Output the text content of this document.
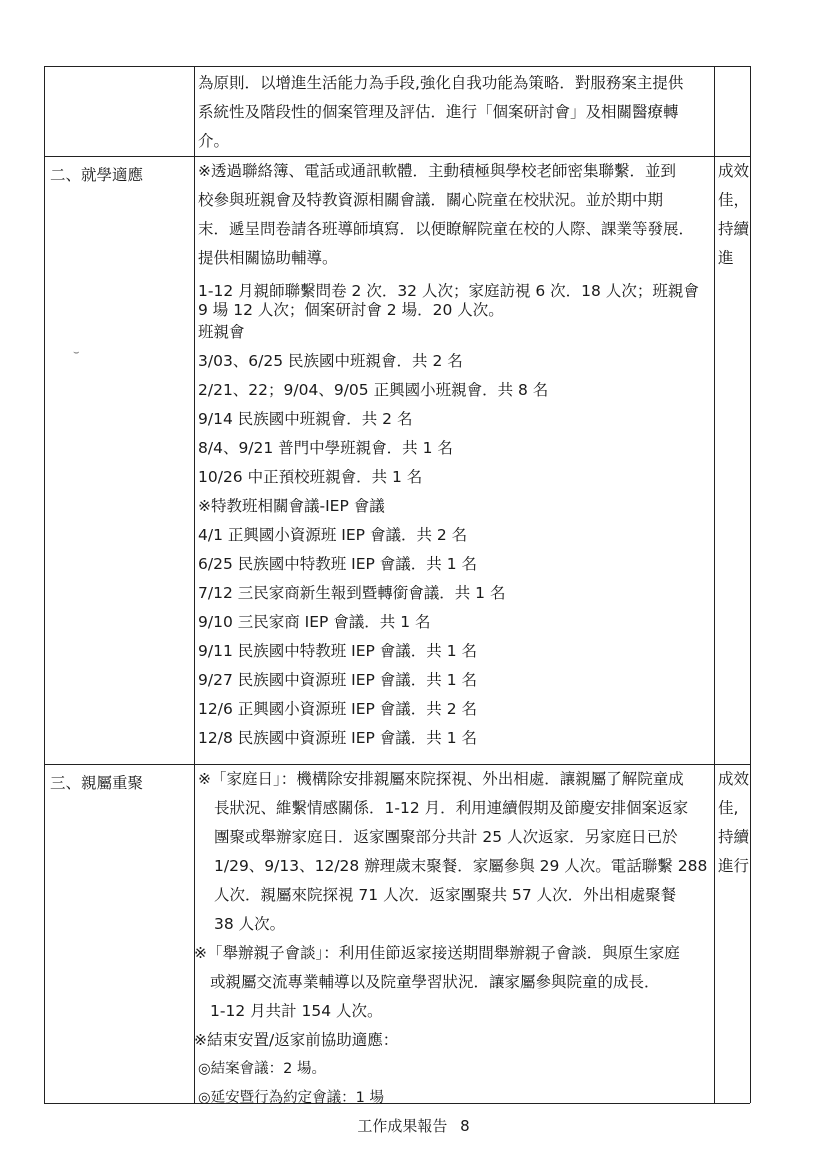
為原則．以增進生活能力為手段,強化自我功能為策略．對服務案主提供
系統性及階段性的個案管理及評估．進行「個案研討會」及相關醫療轉
介。
二、就學適應	成效
佳，
持續
進
※透過聯絡簿、電話或通訊軟體．主動積極與學校老師密集聯繫．並到
校參與班親會及特教資源相關會議．關心院童在校狀況。並於期中期
末．遞呈問卷請各班導師填寫．以便瞭解院童在校的人際、課業等發展．
提供相關協助輔導。
1-12 月親師聯繫問卷 2 次．32 人次；家庭訪視 6 次．18 人次；班親會
9 場 12 人次；個案研討會 2 場．20 人次。
班親會
3/03、6/25 民族國中班親會．共 2 名
2/21、22；9/04、9/05 正興國小班親會．共 8 名
9/14 民族國中班親會．共 2 名
8/4、9/21 普門中學班親會．共 1 名
10/26 中正預校班親會．共 1 名
※特教班相關會議-IEP 會議
4/1 正興國小資源班 IEP 會議．共 2 名
6/25 民族國中特教班 IEP 會議．共 1 名
7/12 三民家商新生報到暨轉銜會議．共 1 名
9/10 三民家商 IEP 會議．共 1 名
9/11 民族國中特教班 IEP 會議．共 1 名
9/27 民族國中資源班 IEP 會議．共 1 名
12/6 正興國小資源班 IEP 會議．共 2 名
12/8 民族國中資源班 IEP 會議．共 1 名
⌣
三、親屬重聚	成效
佳,
持續
進行
※「家庭日」：機構除安排親屬來院探視、外出相處．讓親屬了解院童成
長狀況、維繫情感關係．1-12 月．利用連續假期及節慶安排個案返家
團聚或舉辦家庭日．返家團聚部分共計 25 人次返家．另家庭日已於
1/29、9/13、12/28 辦理歲末聚餐．家屬參與 29 人次。電話聯繫 288
人次．親屬來院探視 71 人次．返家團聚共 57 人次．外出相處聚餐
38 人次。
※「舉辦親子會談」：利用佳節返家接送期間舉辦親子會談．與原生家庭
或親屬交流專業輔導以及院童學習狀況．讓家屬參與院童的成長．
1-12 月共計 154 人次。
※結束安置/返家前協助適應：
◎結案會議：2 場。
◎延安暨行為約定會議：1 場
工作成果報告 8
